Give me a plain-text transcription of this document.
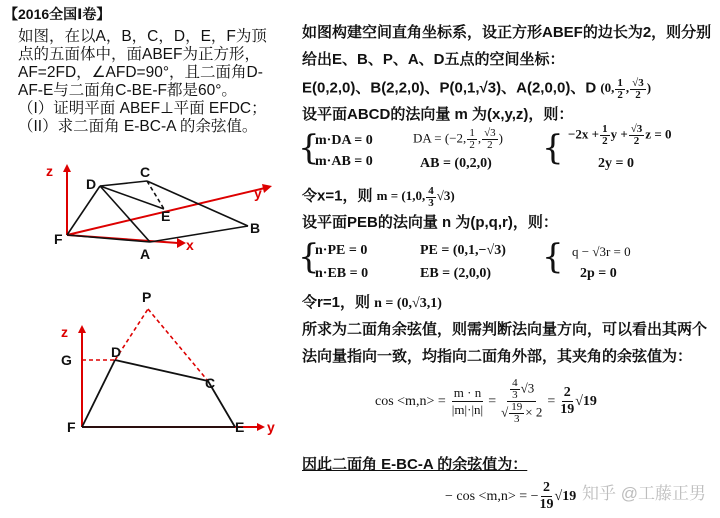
【2016全国Ⅰ卷】
如图，在以A，B，C，D，E，F为顶
点的五面体中，面ABEF为正方形，
AF=2FD，∠AFD=90°，且二面角D-
AF-E与二面角C-BE-F都是60°。
（I）证明平面 ABEF⊥平面 EFDC；
（II）求二面角 E-BC-A 的余弦值。
z
D
C
y
E
F
B
A
x
P
z
G	D
C
F	E y
如图构建空间直角坐标系，设正方形ABEF的边长为2，则分别
给出E、B、P、A、D五点的空间坐标：
E(0,2,0)、B(2,2,0)、P(0,1,√3)、A(2,0,0)、D (0, $\frac{1}{2}$ , $\frac{√3}{2}$ )
设平面ABCD的法向量 m 为(x,y,z)，则：
{
m·DA = 0
m·AB = 0
DA = (−2, $\frac{1}{2}$ , $\frac{√3}{2}$ )
AB = (0,2,0) { $-2x + \frac{1}{2}$ $y + \frac{√3}{2}$ z = 0
2y = 0
令x=1，则 m = (1,0, $\frac{4}{3} √3$)
设平面PEB的法向量 n 为(p,q,r)，则：
{
n·PE = 0
n·EB = 0
PE = (0,1,−√3)
EB = (2,0,0) { q − √3r = 0
2p = 0
令r=1，则 n = (0,√3,1)
所求为二面角余弦值，则需判断法向量方向，可以看出其两个
法向量指向一致，均指向二面角外部，其夹角的余弦值为：
$\cos <m,n> = \frac{m \cdot n}{|m|\cdot|n|} = \frac{\frac{4}{3} √3}{√ \frac{19}{3} \times 2} = \frac{2}{19} √19$
因此二面角 E-BC-A 的余弦值为：
− cos <m,n> = − $\frac{2}{19} √19$ 知乎 @工藤正男
